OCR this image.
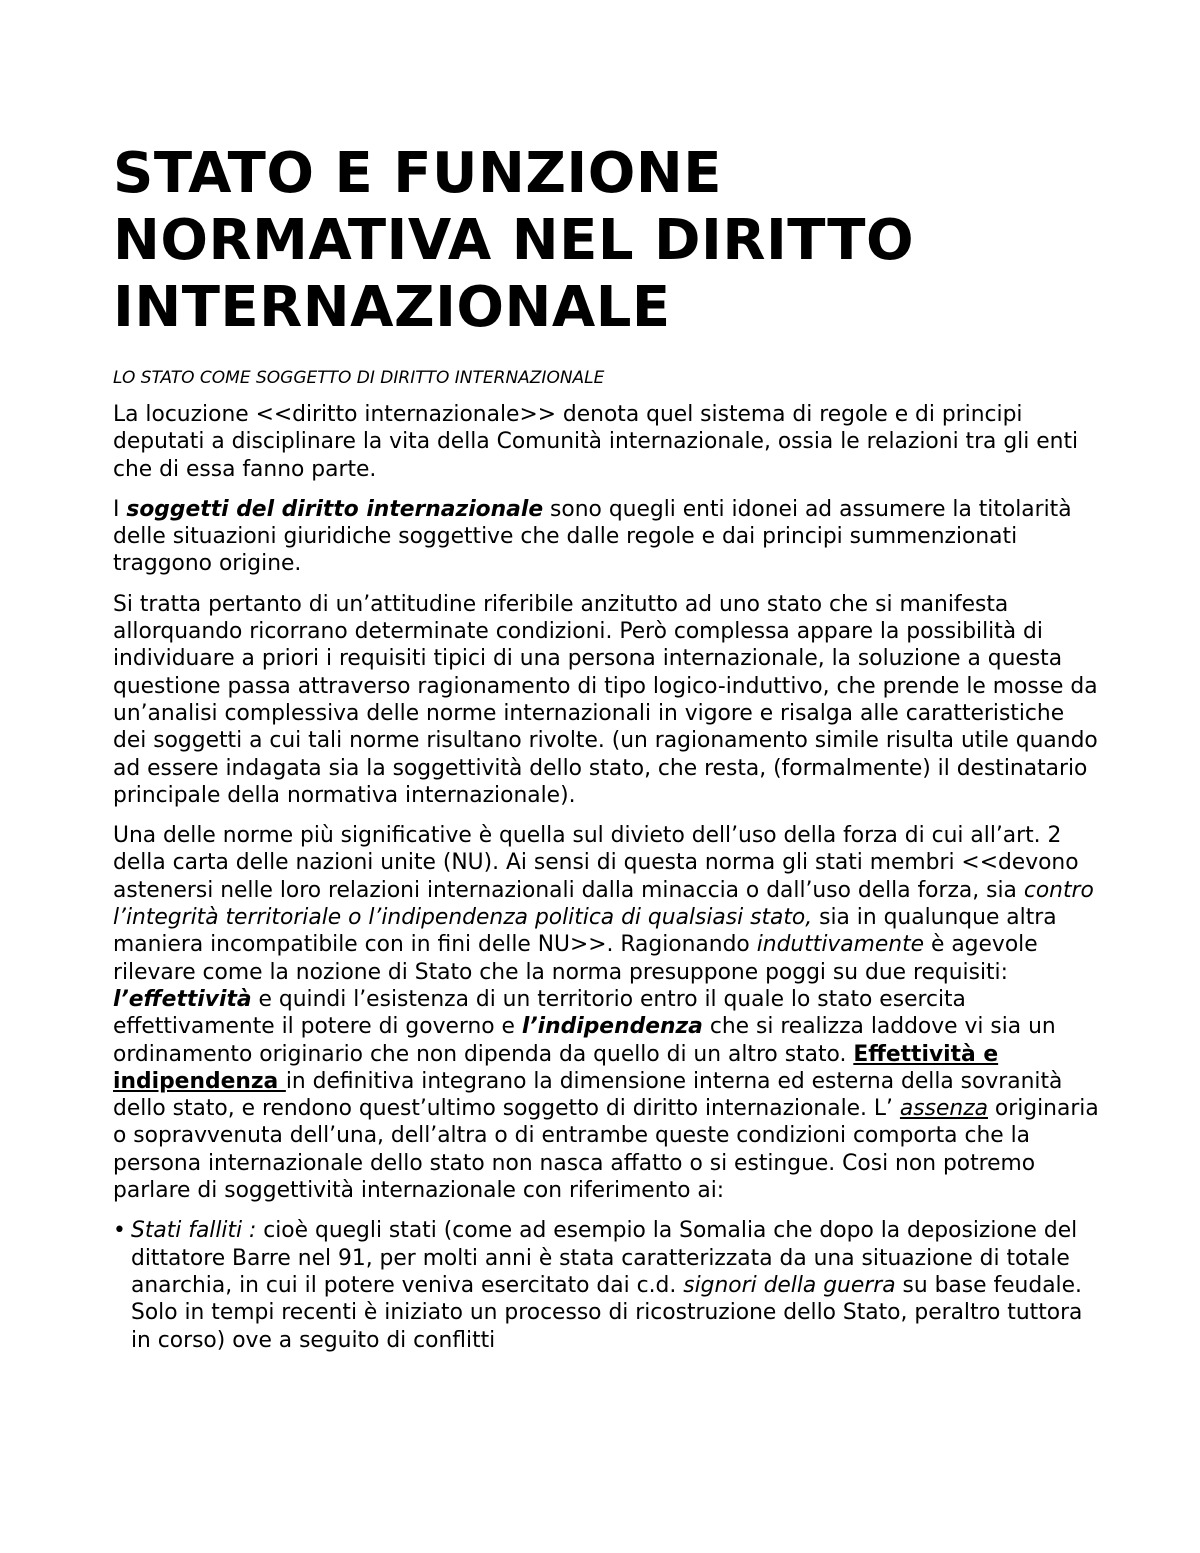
STATO E FUNZIONE NORMATIVA NEL DIRITTO INTERNAZIONALE

LO STATO COME SOGGETTO DI DIRITTO INTERNAZIONALE

La locuzione <<diritto internazionale>> denota quel sistema di regole e di principi deputati a disciplinare la vita della Comunità internazionale, ossia le relazioni tra gli enti che di essa fanno parte.

I soggetti del diritto internazionale sono quegli enti idonei ad assumere la titolarità delle situazioni giuridiche soggettive che dalle regole e dai principi summenzionati traggono origine.

Si tratta pertanto di un’attitudine riferibile anzitutto ad uno stato che si manifesta allorquando ricorrano determinate condizioni. Però complessa appare la possibilità di individuare a priori i requisiti tipici di una persona internazionale, la soluzione a questa questione passa attraverso ragionamento di tipo logico-induttivo, che prende le mosse da un’analisi complessiva delle norme internazionali in vigore e risalga alle caratteristiche dei soggetti a cui tali norme risultano rivolte. (un ragionamento simile risulta utile quando ad essere indagata sia la soggettività dello stato, che resta, (formalmente) il destinatario principale della normativa internazionale).

Una delle norme più significative è quella sul divieto dell’uso della forza di cui all’art. 2 della carta delle nazioni unite (NU). Ai sensi di questa norma gli stati membri <<devono astenersi nelle loro relazioni internazionali dalla minaccia o dall’uso della forza, sia contro l’integrità territoriale o l’indipendenza politica di qualsiasi stato, sia in qualunque altra maniera incompatibile con in fini delle NU>>. Ragionando induttivamente è agevole rilevare come la nozione di Stato che la norma presuppone poggi su due requisiti: l’effettività e quindi l’esistenza di un territorio entro il quale lo stato esercita effettivamente il potere di governo e l’indipendenza che si realizza laddove vi sia un ordinamento originario che non dipenda da quello di un altro stato. Effettività e indipendenza in definitiva integrano la dimensione interna ed esterna della sovranità dello stato, e rendono quest’ultimo soggetto di diritto internazionale. L’ assenza originaria o sopravvenuta dell’una, dell’altra o di entrambe queste condizioni comporta che la persona internazionale dello stato non nasca affatto o si estingue. Cosi non potremo parlare di soggettività internazionale con riferimento ai:

• Stati falliti : cioè quegli stati (come ad esempio la Somalia che dopo la deposizione del dittatore Barre nel 91, per molti anni è stata caratterizzata da una situazione di totale anarchia, in cui il potere veniva esercitato dai c.d. signori della guerra su base feudale. Solo in tempi recenti è iniziato un processo di ricostruzione dello Stato, peraltro tuttora in corso) ove a seguito di conflitti
